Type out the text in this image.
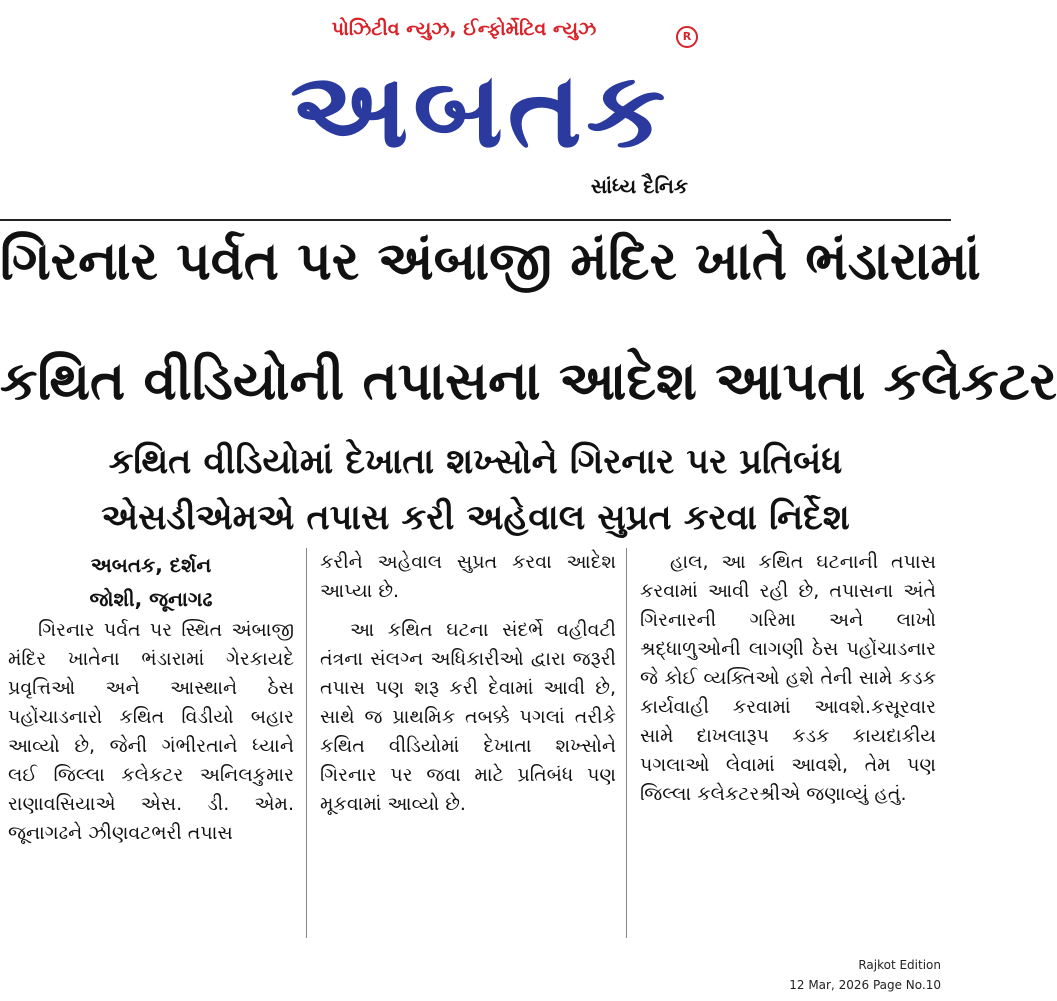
પોઝિટીવ ન્યુઝ, ઈન્ફોર્મેટિવ ન્યુઝ	R
અબતક
સાંધ્ય દૈનિક
ગિરનાર પર્વત પર અંબાજી મંદિર ખાતે ભંડારામાં
કથિત વીડિયોની તપાસના આદેશ આપતા કલેકટર
કથિત વીડિયોમાં દેખાતા શખ્સોને ગિરનાર પર પ્રતિબંધ
એસડીએમએ તપાસ કરી અહેવાલ સુપ્રત કરવા નિર્દેશ
અબતક, દર્શન
જોશી, જૂનાગઢ

ગિરનાર પર્વત પર સ્થિત અંબાજી મંદિર ખાતેના ભંડારામાં ગેરકાયદે પ્રવૃત્તિઓ અને આસ્થાને ઠેસ પહોંચાડનારો કથિત વિડીયો બહાર આવ્યો છે, જેની ગંભીરતાને ધ્યાને લઈ જિલ્લા કલેકટર અનિલકુમાર રાણાવસિયાએ એસ. ડી. એમ. જૂનાગઢને ઝીણવટભરી તપાસ

કરીને અહેવાલ સુપ્રત કરવા આદેશ આપ્યા છે.

આ કથિત ઘટના સંદર્ભે વહીવટી તંત્રના સંલગ્ન અધિકારીઓ દ્વારા જરૂરી તપાસ પણ શરૂ કરી દેવામાં આવી છે, સાથે જ પ્રાથમિક તબક્કે પગલાં તરીકે કથિત વીડિયોમાં દેખાતા શખ્સોને ગિરનાર પર જવા માટે પ્રતિબંધ પણ મૂકવામાં આવ્યો છે.

હાલ, આ કથિત ઘટનાની તપાસ કરવામાં આવી રહી છે, તપાસના અંતે ગિરનારની ગરિમા અને લાખો શ્રદ્ધાળુઓની લાગણી ઠેસ પહોંચાડનાર જે કોઈ વ્યક્તિઓ હશે તેની સામે કડક કાર્યવાહી કરવામાં આવશે.કસૂરવાર સામે દાખલારૂપ કડક કાયદાકીય પગલાઓ લેવામાં આવશે, તેમ પણ જિલ્લા કલેકટરશ્રીએ જણાવ્યું હતું.

Rajkot Edition
12 Mar, 2026 Page No.10
